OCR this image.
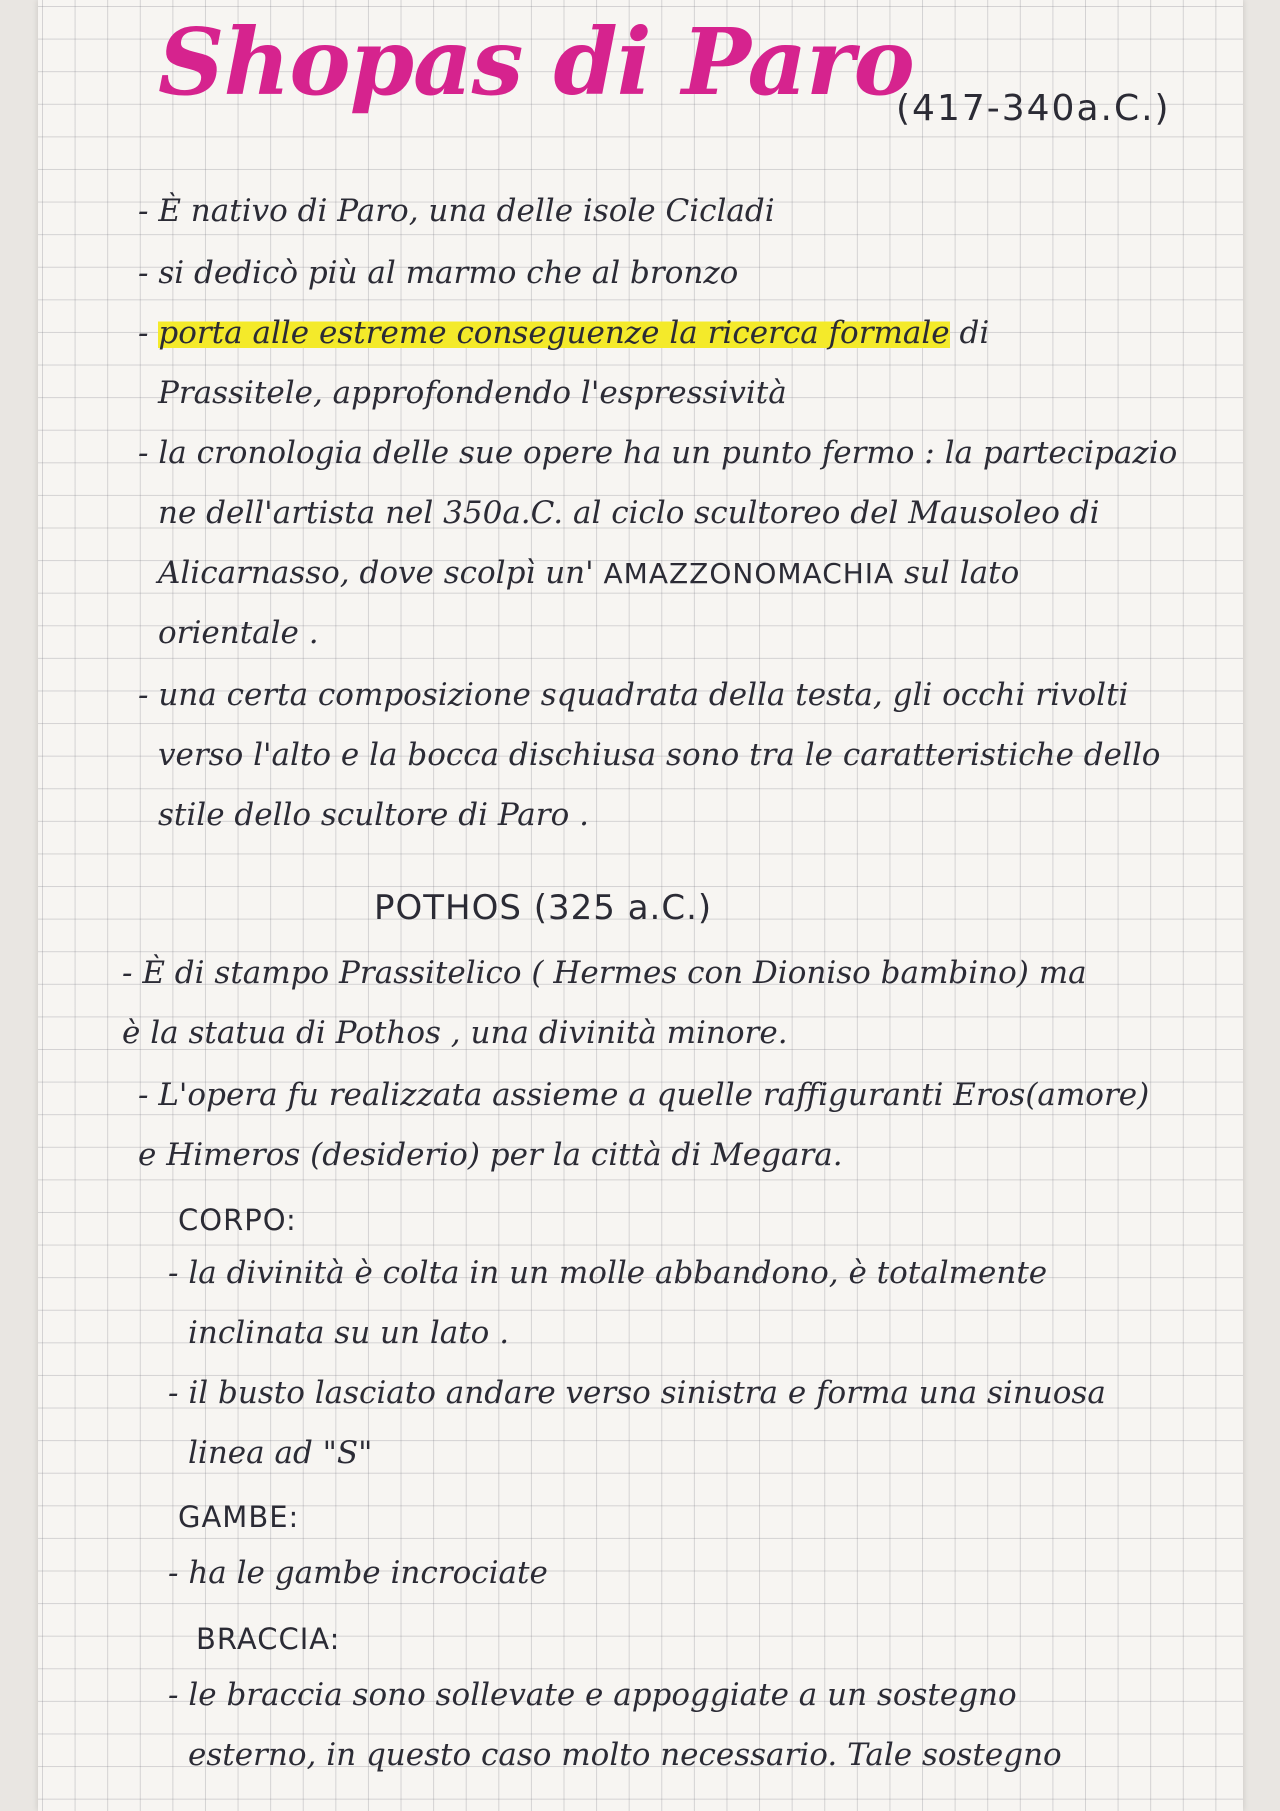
Shopas di Paro
(417-340a.C.)
- È nativo di Paro, una delle isole Cicladi
- si dedicò più al marmo che al bronzo
- porta alle estreme conseguenze la ricerca formale di
Prassitele, approfondendo l'espressività
- la cronologia delle sue opere ha un punto fermo : la partecipazio
ne dell'artista nel 350a.C. al ciclo scultoreo del Mausoleo di
Alicarnasso, dove scolpì un' AMAZZONOMACHIA sul lato
orientale .
- una certa composizione squadrata della testa, gli occhi rivolti
verso l'alto e la bocca dischiusa sono tra le caratteristiche dello
stile dello scultore di Paro .
POTHOS (325 a.C.)
- È di stampo Prassitelico ( Hermes con Dioniso bambino) ma
è la statua di Pothos , una divinità minore.
- L'opera fu realizzata assieme a quelle raffiguranti Eros(amore)
e Himeros (desiderio) per la città di Megara.
CORPO:
- la divinità è colta in un molle abbandono, è totalmente
inclinata su un lato .
- il busto lasciato andare verso sinistra e forma una sinuosa
linea ad "S"
GAMBE:
- ha le gambe incrociate
BRACCIA:
- le braccia sono sollevate e appoggiate a un sostegno
esterno, in questo caso molto necessario. Tale sostegno
